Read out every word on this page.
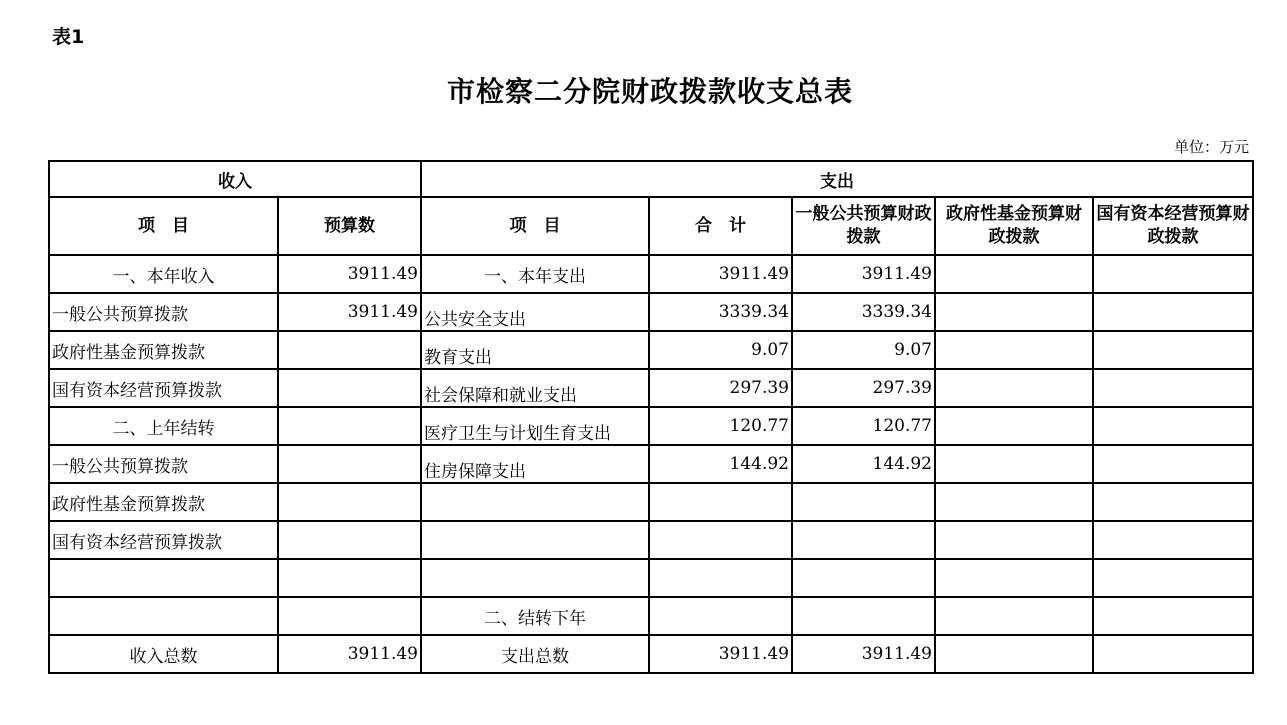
表1
市检察二分院财政拨款收支总表
单位：万元
收入		支出				
项　目	预算数	项　目	合　计	一般公共预算财政拨款	政府性基金预算财政拨款	国有资本经营预算财政拨款
一、本年收入	3911.49	一、本年支出	3911.49	3911.49		
一般公共预算拨款	3911.49	公共安全支出	3339.34	3339.34		
政府性基金预算拨款		教育支出	9.07	9.07		
国有资本经营预算拨款		社会保障和就业支出	297.39	297.39		
二、上年结转		医疗卫生与计划生育支出	120.77	120.77		
一般公共预算拨款		住房保障支出	144.92	144.92		
政府性基金预算拨款						
国有资本经营预算拨款						

		二、结转下年				
收入总数	3911.49	支出总数	3911.49	3911.49		
